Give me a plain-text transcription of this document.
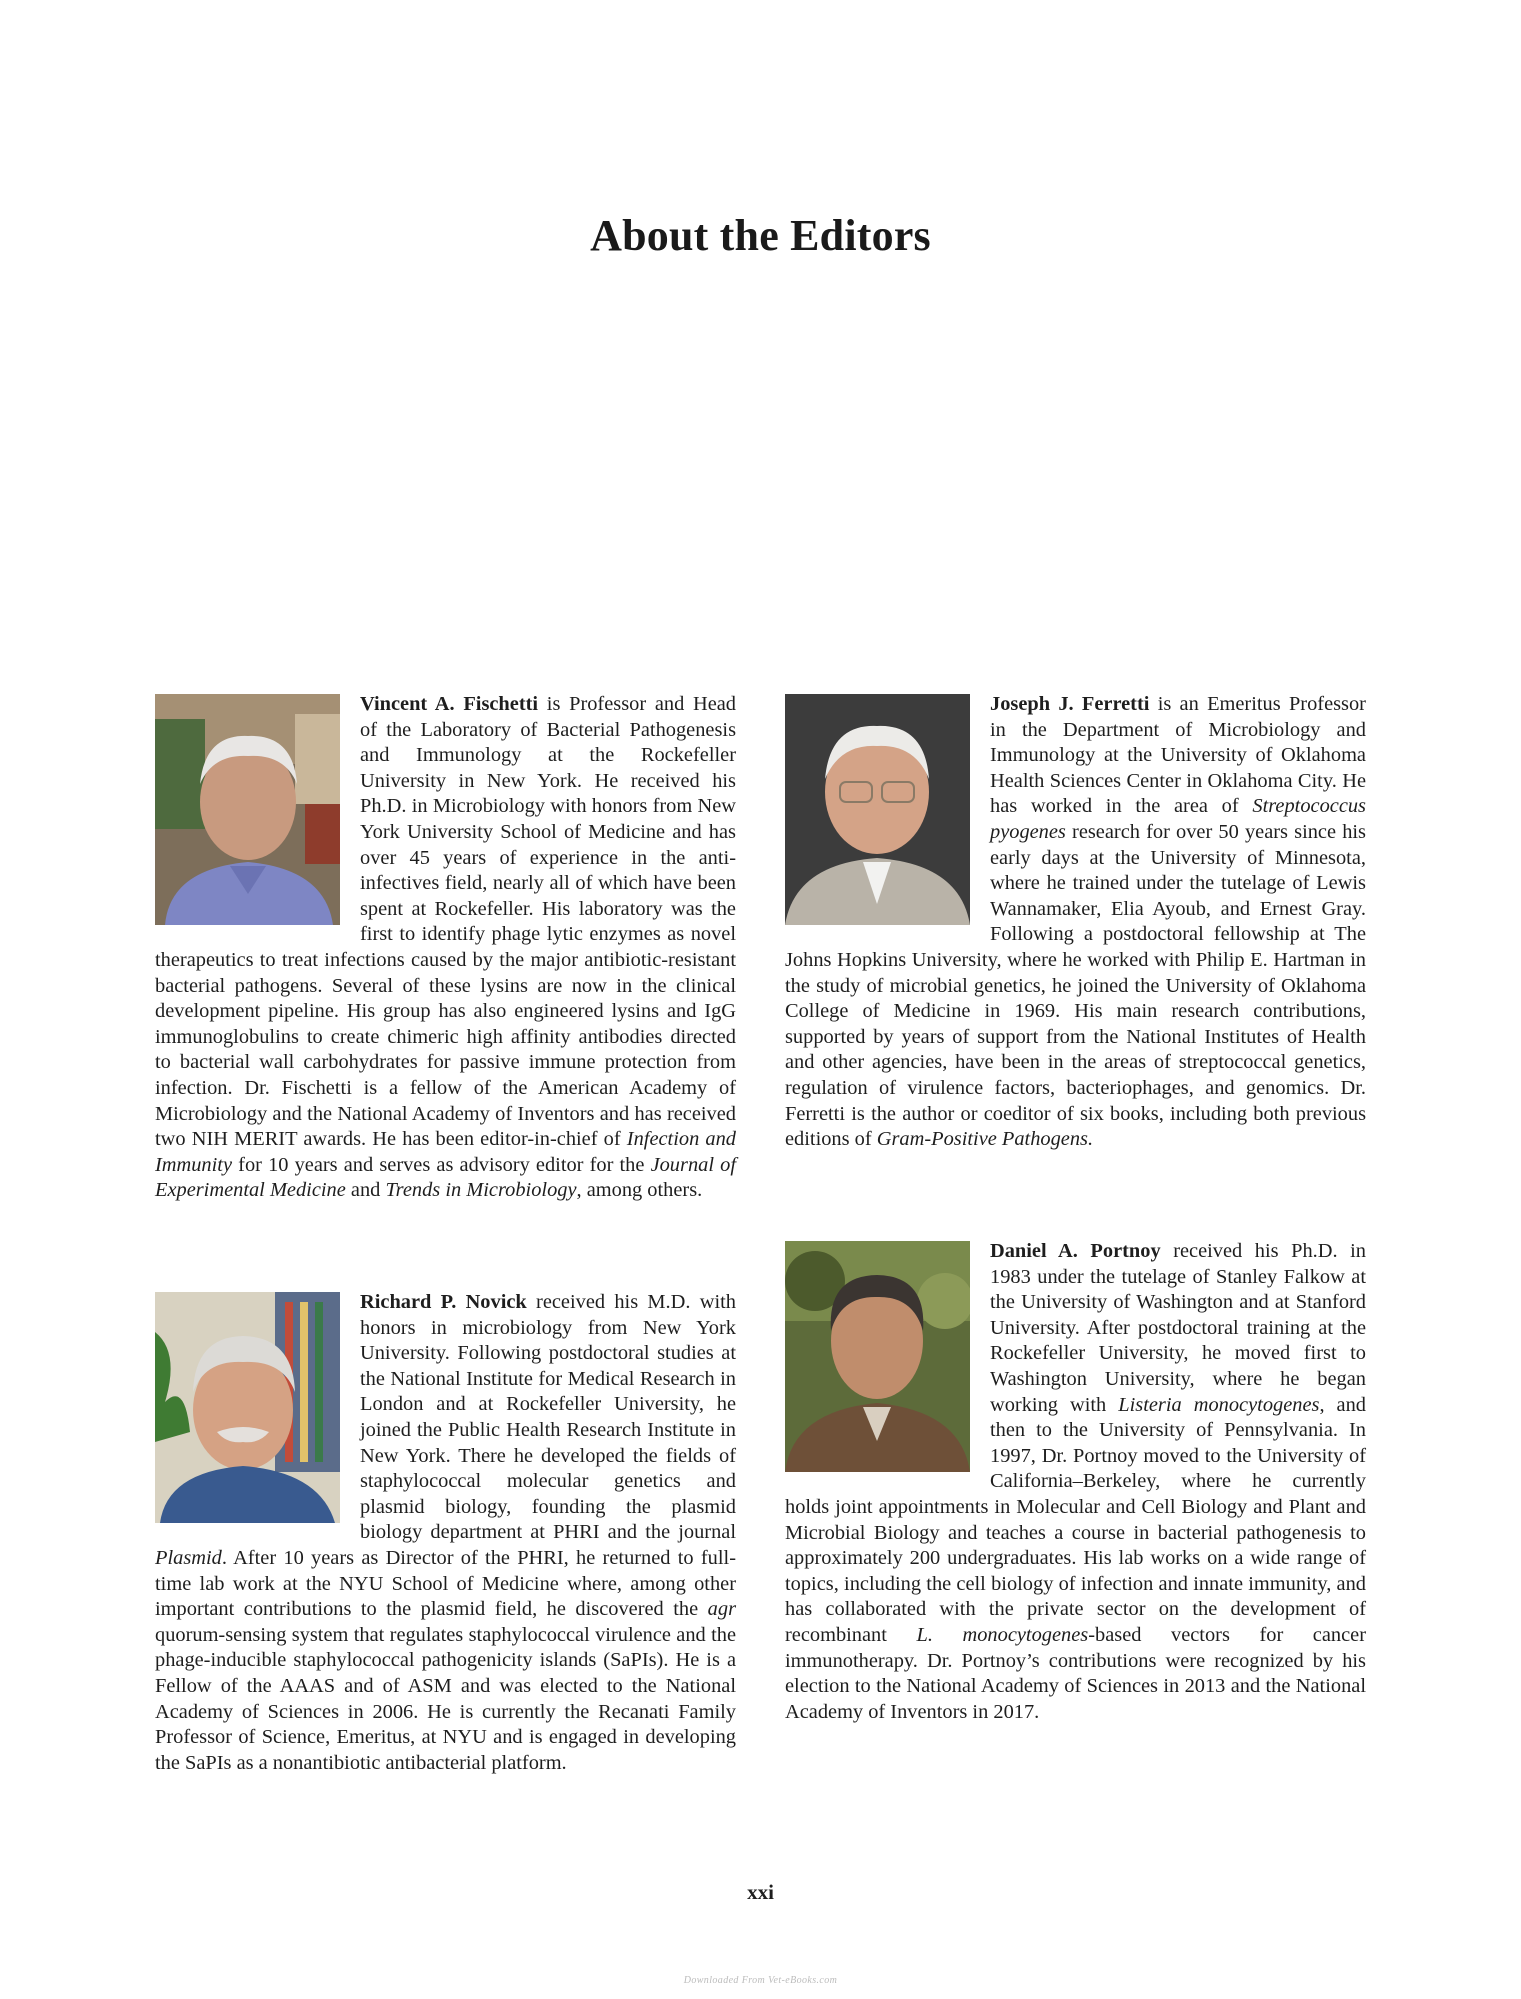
About the Editors
Vincent A. Fischetti is Professor and Head of the Laboratory of Bacterial Pathogenesis and Immunology at the Rockefeller University in New York. He received his Ph.D. in Microbiology with honors from New York University School of Medicine and has over 45 years of experience in the anti-infectives field, nearly all of which have been spent at Rockefeller. His laboratory was the first to identify phage lytic enzymes as novel therapeutics to treat infections caused by the major antibiotic-resistant bacterial pathogens. Several of these lysins are now in the clinical development pipeline. His group has also engineered lysins and IgG immunoglobulins to create chimeric high affinity antibodies directed to bacterial wall carbohydrates for passive immune protection from infection. Dr. Fischetti is a fellow of the American Academy of Microbiology and the National Academy of Inventors and has received two NIH MERIT awards. He has been editor-in-chief of Infection and Immunity for 10 years and serves as advisory editor for the Journal of Experimental Medicine and Trends in Microbiology, among others.
Richard P. Novick received his M.D. with honors in microbiology from New York University. Following postdoctoral studies at the National Institute for Medical Research in London and at Rockefeller University, he joined the Public Health Research Institute in New York. There he developed the fields of staphylococcal molecular genetics and plasmid biology, founding the plasmid biology department at PHRI and the journal Plasmid. After 10 years as Director of the PHRI, he returned to full-time lab work at the NYU School of Medicine where, among other important contributions to the plasmid field, he discovered the agr quorum-sensing system that regulates staphylococcal virulence and the phage-inducible staphylococcal pathogenicity islands (SaPIs). He is a Fellow of the AAAS and of ASM and was elected to the National Academy of Sciences in 2006. He is currently the Recanati Family Professor of Science, Emeritus, at NYU and is engaged in developing the SaPIs as a nonantibiotic antibacterial platform.
Joseph J. Ferretti is an Emeritus Professor in the Department of Microbiology and Immunology at the University of Oklahoma Health Sciences Center in Oklahoma City. He has worked in the area of Streptococcus pyogenes research for over 50 years since his early days at the University of Minnesota, where he trained under the tutelage of Lewis Wannamaker, Elia Ayoub, and Ernest Gray. Following a postdoctoral fellowship at The Johns Hopkins University, where he worked with Philip E. Hartman in the study of microbial genetics, he joined the University of Oklahoma College of Medicine in 1969. His main research contributions, supported by years of support from the National Institutes of Health and other agencies, have been in the areas of streptococcal genetics, regulation of virulence factors, bacteriophages, and genomics. Dr. Ferretti is the author or coeditor of six books, including both previous editions of Gram-Positive Pathogens.
Daniel A. Portnoy received his Ph.D. in 1983 under the tutelage of Stanley Falkow at the University of Washington and at Stanford University. After postdoctoral training at the Rockefeller University, he moved first to Washington University, where he began working with Listeria monocytogenes, and then to the University of Pennsylvania. In 1997, Dr. Portnoy moved to the University of California–Berkeley, where he currently holds joint appointments in Molecular and Cell Biology and Plant and Microbial Biology and teaches a course in bacterial pathogenesis to approximately 200 undergraduates. His lab works on a wide range of topics, including the cell biology of infection and innate immunity, and has collaborated with the private sector on the development of recombinant L. monocytogenes-based vectors for cancer immunotherapy. Dr. Portnoy’s contributions were recognized by his election to the National Academy of Sciences in 2013 and the National Academy of Inventors in 2017.
xxi
Downloaded From Vet-eBooks.com
